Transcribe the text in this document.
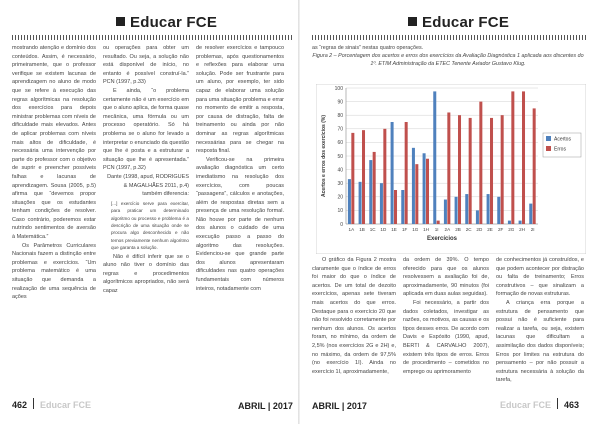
Educar FCE

mostrando atenção e domínio dos conteúdos. Assim, é necessário, primeiramente, que o professor verifique se existem lacunas de aprendizagem no aluno de modo que se refere à execução das regras algorítmicas na resolução dos exercícios para depois ministrar problemas com níveis de dificuldade mais elevados. Antes de aplicar problemas com níveis mais altos de dificuldade, é necessária uma intervenção por parte do professor com o objetivo de suprir e preencher possíveis falhas e lacunas de aprendizagem. Sousa (2005, p.5) afirma que “devemos propor situações que os estudantes tenham condições de resolver. Caso contrário, poderemos estar nutrindo sentimentos de aversão à Matemática.”

Os Parâmetros Curriculares Nacionais fazem a distinção entre problemas e exercícios. “Um problema matemático é uma situação que demanda a realização de uma sequência de ações

ou operações para obter um resultado. Ou seja, a solução não está disponível de início, no entanto é possível construí-la.” PCN (1997, p.33)

E ainda, “o problema certamente não é um exercício em que o aluno aplica, de forma quase mecânica, uma fórmula ou um processo operatório. Só há problema se o aluno for levado a interpretar o enunciado da questão que lhe é posta e a estruturar a situação que lhe é apresentada.” PCN (1997, p.32)

Dante (1998, apud, RODRIGUES & MAGALHÃES 2011, p.4) também diferencia:

[...] exercício serve para exercitar, para praticar um determinado algoritmo ou processo e problema é a descrição de uma situação onde se procura algo desconhecido e não temos previamente nenhum algoritmo que garanta a solução.

Não é difícil inferir que se o aluno não tiver o domínio das regras e procedimentos algorítmicos apropriados, não será capaz

de resolver exercícios e tampouco problemas, após questionamentos e reflexões para elaborar uma solução. Pode ser frustrante para um aluno, por exemplo, ter sido capaz de elaborar uma solução para uma situação problema e errar no momento de emitir a resposta, por causa de distração, falta de treinamento ou ainda por não dominar as regras algorítmicas necessárias para se chegar na resposta final.

Verificou-se na primeira avaliação diagnóstica um certo imediatismo na resolução dos exercícios, com poucas “passagens”, cálculos e anotações, além de respostas diretas sem a presença de uma resolução formal. Não houve por parte de nenhum dos alunos o cuidado de uma execução passo a passo do algoritmo das resoluções. Evidenciou-se que grande parte dos alunos apresentaram dificuldades nas quatro operações fundamentais com números inteiros, notadamente com

462 Educar FCE	ABRIL | 2017
Educar FCE

as “regras de sinais” nestas quatro operações.

Figura 2 – Porcentagem dos acertos e erros dos exercícios da Avaliação Diagnóstica 1 aplicada aos discentes do 1º. ETIM Administração da ETEC Tenente Aviador Gustavo Klug.

0
10
20
30
40
50
60
70
80
90
100
1A 1B 1C 1D 1E 1F 1G 1H 1I 2A 2B 2C 2D 2E 2F 2G 2H 2I
Exercícios
Acertos e erros dos exercícios (%)	Acertos
Erros

O gráfico da Figura 2 mostra claramente que o índice de erros foi maior do que o índice de acertos. De um total de dezoito exercícios, apenas sete tiveram mais acertos do que erros. Destaque para o exercício 20 que não foi resolvido corretamente por nenhum dos alunos. Os acertos foram, no mínimo, da ordem de 2,5% (nos exercícios 2G e 2H) e, no máximo, da ordem de 97,5% (no exercício 1I). Ainda no exercício 1I, aproximadamente,

da ordem de 39%. O tempo oferecido para que os alunos resolvessem a avaliação foi de, aproximadamente, 90 minutos (foi aplicada em duas aulas seguidas).

Foi necessário, a partir dos dados coletados, investigar as razões, os motivos, as causas e os tipos desses erros. De acordo com Davis e Espósito (1990, apud, BERTI & CARVALHO 2007), existem três tipos de erros. Erros de procedimento – cometidos no emprego ou aprimoramento

de conhecimentos já construídos, e que podem acontecer por distração ou falta de treinamento; Erros construtivos – que sinalizam a formação de novas estruturas.

A criança erra porque a estrutura de pensamento que possui não é suficiente para realizar a tarefa, ou seja, existem lacunas que dificultam a assimilação dos dados disponíveis; Erros por limites na estrutura do pensamento – por não possuir a estrutura necessária à solução da tarefa,

ABRIL | 2017	Educar FCE 463
